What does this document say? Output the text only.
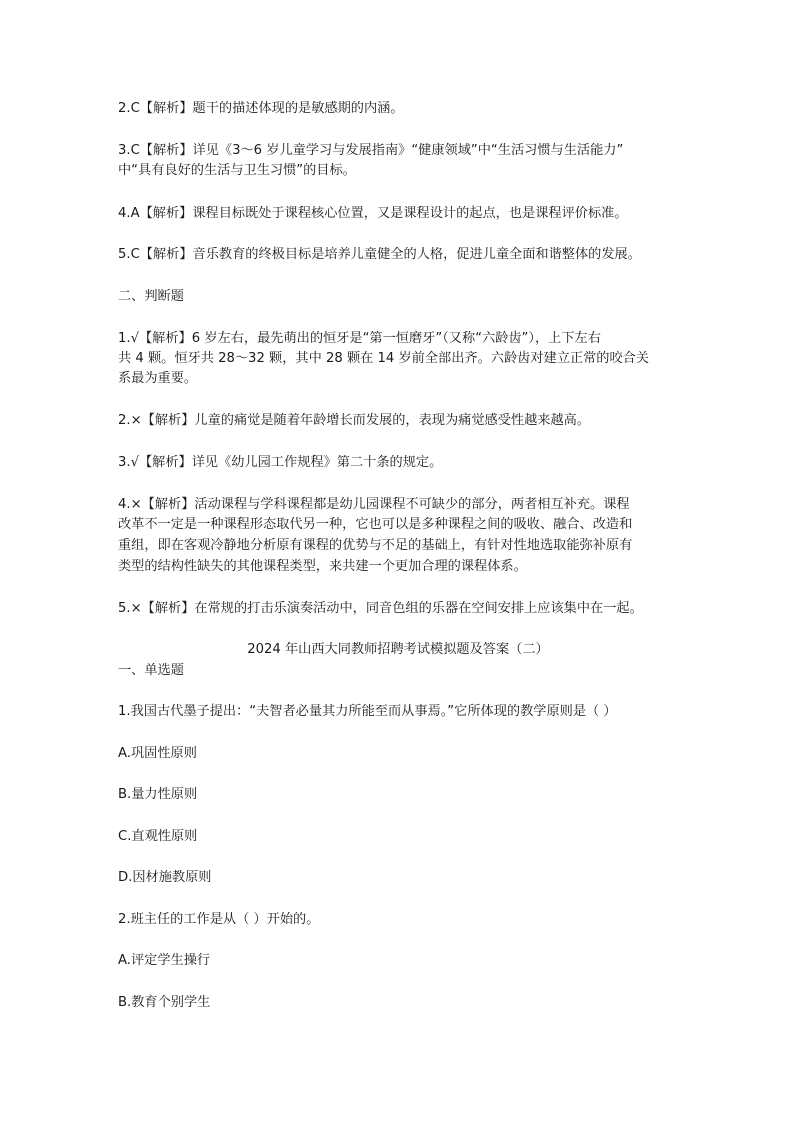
2.C【解析】题干的描述体现的是敏感期的内涵。
3.C【解析】详见《3～6 岁儿童学习与发展指南》“健康领域”中“生活习惯与生活能力”
中“具有良好的生活与卫生习惯”的目标。
4.A【解析】课程目标既处于课程核心位置，又是课程设计的起点，也是课程评价标准。
5.C【解析】音乐教育的终极目标是培养儿童健全的人格，促进儿童全面和谐整体的发展。
二、判断题
1.√【解析】6 岁左右，最先萌出的恒牙是“第一恒磨牙”（又称“六龄齿”），上下左右
共 4 颗。恒牙共 28～32 颗，其中 28 颗在 14 岁前全部出齐。六龄齿对建立正常的咬合关
系最为重要。
2.×【解析】儿童的痛觉是随着年龄增长而发展的，表现为痛觉感受性越来越高。
3.√【解析】详见《幼儿园工作规程》第二十条的规定。
4.×【解析】活动课程与学科课程都是幼儿园课程不可缺少的部分，两者相互补充。课程
改革不一定是一种课程形态取代另一种，它也可以是多种课程之间的吸收、融合、改造和
重组，即在客观冷静地分析原有课程的优势与不足的基础上，有针对性地选取能弥补原有
类型的结构性缺失的其他课程类型，来共建一个更加合理的课程体系。
5.×【解析】在常规的打击乐演奏活动中，同音色组的乐器在空间安排上应该集中在一起。
2024 年山西大同教师招聘考试模拟题及答案（二）
一、单选题
1.我国古代墨子提出：“夫智者必量其力所能至而从事焉。”它所体现的教学原则是（ ）
A.巩固性原则
B.量力性原则
C.直观性原则
D.因材施教原则
2.班主任的工作是从（ ）开始的。
A.评定学生操行
B.教育个别学生
